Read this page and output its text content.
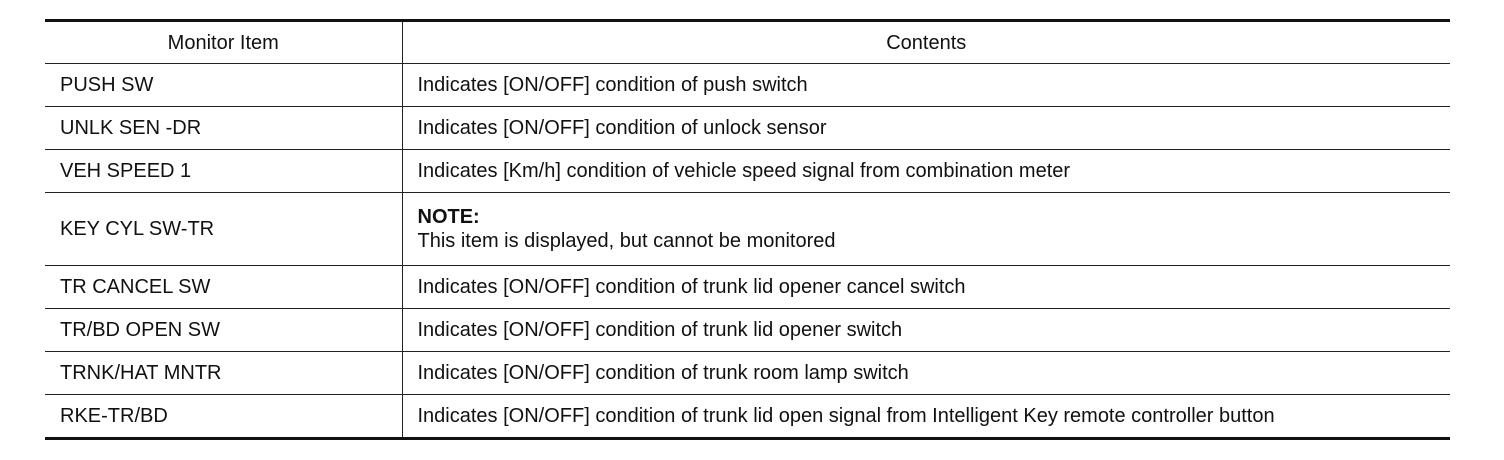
Monitor Item	Contents
PUSH SW	Indicates [ON/OFF] condition of push switch
UNLK SEN -DR	Indicates [ON/OFF] condition of unlock sensor
VEH SPEED 1	Indicates [Km/h] condition of vehicle speed signal from combination meter
KEY CYL SW-TR	NOTE:
This item is displayed, but cannot be monitored

TR CANCEL SW	Indicates [ON/OFF] condition of trunk lid opener cancel switch
TR/BD OPEN SW	Indicates [ON/OFF] condition of trunk lid opener switch
TRNK/HAT MNTR	Indicates [ON/OFF] condition of trunk room lamp switch
RKE-TR/BD	Indicates [ON/OFF] condition of trunk lid open signal from Intelligent Key remote controller button
